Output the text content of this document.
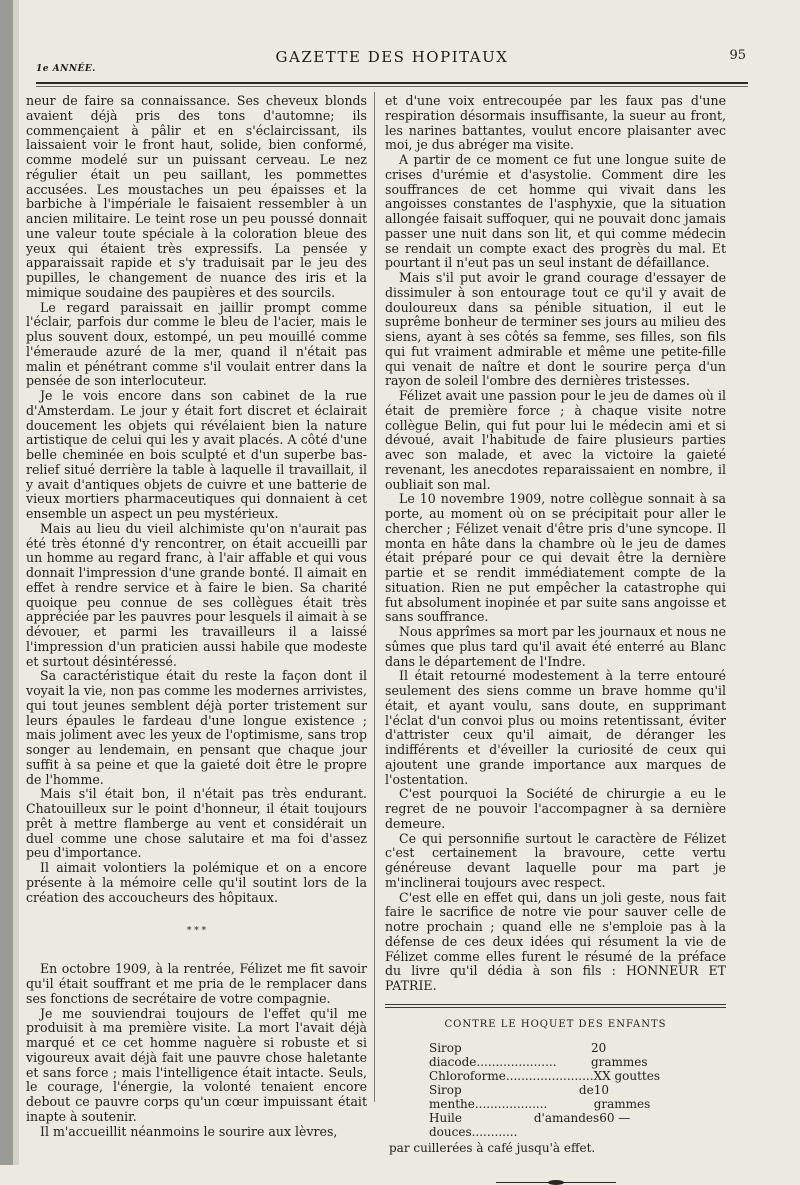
1e ANNÉE.
GAZETTE DES HOPITAUX	95

neur de faire sa connaissance. Ses cheveux blonds avaient déjà pris des tons d'automne; ils commençaient à pâlir et en s'éclaircissant, ils laissaient voir le front haut, solide, bien conformé, comme modelé sur un puissant cerveau. Le nez régulier était un peu saillant, les pommettes accusées. Les moustaches un peu épaisses et la barbiche à l'impériale le faisaient ressembler à un ancien militaire. Le teint rose un peu poussé donnait une valeur toute spéciale à la coloration bleue des yeux qui étaient très expressifs. La pensée y apparaissait rapide et s'y traduisait par le jeu des pupilles, le changement de nuance des iris et la mimique soudaine des paupières et des sourcils.

Le regard paraissait en jaillir prompt comme l'éclair, parfois dur comme le bleu de l'acier, mais le plus souvent doux, estompé, un peu mouillé comme l'émeraude azuré de la mer, quand il n'était pas malin et pénétrant comme s'il voulait entrer dans la pensée de son interlocuteur.

Je le vois encore dans son cabinet de la rue d'Amsterdam. Le jour y était fort discret et éclairait doucement les objets qui révélaient bien la nature artistique de celui qui les y avait placés. A côté d'une belle cheminée en bois sculpté et d'un superbe bas-relief situé derrière la table à laquelle il travaillait, il y avait d'antiques objets de cuivre et une batterie de vieux mortiers pharmaceutiques qui donnaient à cet ensemble un aspect un peu mystérieux.

Mais au lieu du vieil alchimiste qu'on n'aurait pas été très étonné d'y rencontrer, on était accueilli par un homme au regard franc, à l'air affable et qui vous donnait l'impression d'une grande bonté. Il aimait en effet à rendre service et à faire le bien. Sa charité quoique peu connue de ses collègues était très appréciée par les pauvres pour lesquels il aimait à se dévouer, et parmi les travailleurs il a laissé l'impression d'un praticien aussi habile que modeste et surtout désintéressé.

Sa caractéristique était du reste la façon dont il voyait la vie, non pas comme les modernes arrivistes, qui tout jeunes semblent déjà porter tristement sur leurs épaules le fardeau d'une longue existence ; mais joliment avec les yeux de l'optimisme, sans trop songer au lendemain, en pensant que chaque jour suffit à sa peine et que la gaieté doit être le propre de l'homme.

Mais s'il était bon, il n'était pas très endurant. Chatouilleux sur le point d'honneur, il était toujours prêt à mettre flamberge au vent et considérait un duel comme une chose salutaire et ma foi d'assez peu d'importance.

Il aimait volontiers la polémique et on a encore présente à la mémoire celle qu'il soutint lors de la création des accoucheurs des hôpitaux.

* * *

En octobre 1909, à la rentrée, Félizet me fit savoir qu'il était souffrant et me pria de le remplacer dans ses fonctions de secrétaire de votre compagnie.

Je me souviendrai toujours de l'effet qu'il me produisit à ma première visite. La mort l'avait déjà marqué et ce cet homme naguère si robuste et si vigoureux avait déjà fait une pauvre chose haletante et sans force ; mais l'intelligence était intacte. Seuls, le courage, l'énergie, la volonté tenaient encore debout ce pauvre corps qu'un cœur impuissant était inapte à soutenir.

Il m'accueillit néanmoins le sourire aux lèvres,

et d'une voix entrecoupée par les faux pas d'une respiration désormais insuffisante, la sueur au front, les narines battantes, voulut encore plaisanter avec moi, je dus abréger ma visite.

A partir de ce moment ce fut une longue suite de crises d'urémie et d'asystolie. Comment dire les souffrances de cet homme qui vivait dans les angoisses constantes de l'asphyxie, que la situation allongée faisait suffoquer, qui ne pouvait donc jamais passer une nuit dans son lit, et qui comme médecin se rendait un compte exact des progrès du mal. Et pourtant il n'eut pas un seul instant de défaillance.

Mais s'il put avoir le grand courage d'essayer de dissimuler à son entourage tout ce qu'il y avait de douloureux dans sa pénible situation, il eut le suprême bonheur de terminer ses jours au milieu des siens, ayant à ses côtés sa femme, ses filles, son fils qui fut vraiment admirable et même une petite-fille qui venait de naître et dont le sourire perça d'un rayon de soleil l'ombre des dernières tristesses.

Félizet avait une passion pour le jeu de dames où il était de première force ; à chaque visite notre collègue Belin, qui fut pour lui le médecin ami et si dévoué, avait l'habitude de faire plusieurs parties avec son malade, et avec la victoire la gaieté revenant, les anecdotes reparaissaient en nombre, il oubliait son mal.

Le 10 novembre 1909, notre collègue sonnait à sa porte, au moment où on se précipitait pour aller le chercher ; Félizet venait d'être pris d'une syncope. Il monta en hâte dans la chambre où le jeu de dames était préparé pour ce qui devait être la dernière partie et se rendit immédiatement compte de la situation. Rien ne put empêcher la catastrophe qui fut absolument inopinée et par suite sans angoisse et sans souffrance.

Nous apprîmes sa mort par les journaux et nous ne sûmes que plus tard qu'il avait été enterré au Blanc dans le département de l'Indre.

Il était retourné modestement à la terre entouré seulement des siens comme un brave homme qu'il était, et ayant voulu, sans doute, en supprimant l'éclat d'un convoi plus ou moins retentissant, éviter d'attrister ceux qu'il aimait, de déranger les indifférents et d'éveiller la curiosité de ceux qui ajoutent une grande importance aux marques de l'ostentation.

C'est pourquoi la Société de chirurgie a eu le regret de ne pouvoir l'accompagner à sa dernière demeure.

Ce qui personnifie surtout le caractère de Félizet c'est certainement la bravoure, cette vertu généreuse devant laquelle pour ma part je m'inclinerai toujours avec respect.

C'est elle en effet qui, dans un joli geste, nous fait faire le sacrifice de notre vie pour sauver celle de notre prochain ; quand elle ne s'emploie pas à la défense de ces deux idées qui résument la vie de Félizet comme elles furent le résumé de la préface du livre qu'il dédia à son fils : HONNEUR ET PATRIE.

CONTRE LE HOQUET DES ENFANTS
Sirop diacode.....................
20 grammes
Chloroforme....................... XX gouttes
Sirop de menthe...................
10 grammes
Huile d'amandes douces............
60 —
par cuillerées à café jusqu'à effet.
